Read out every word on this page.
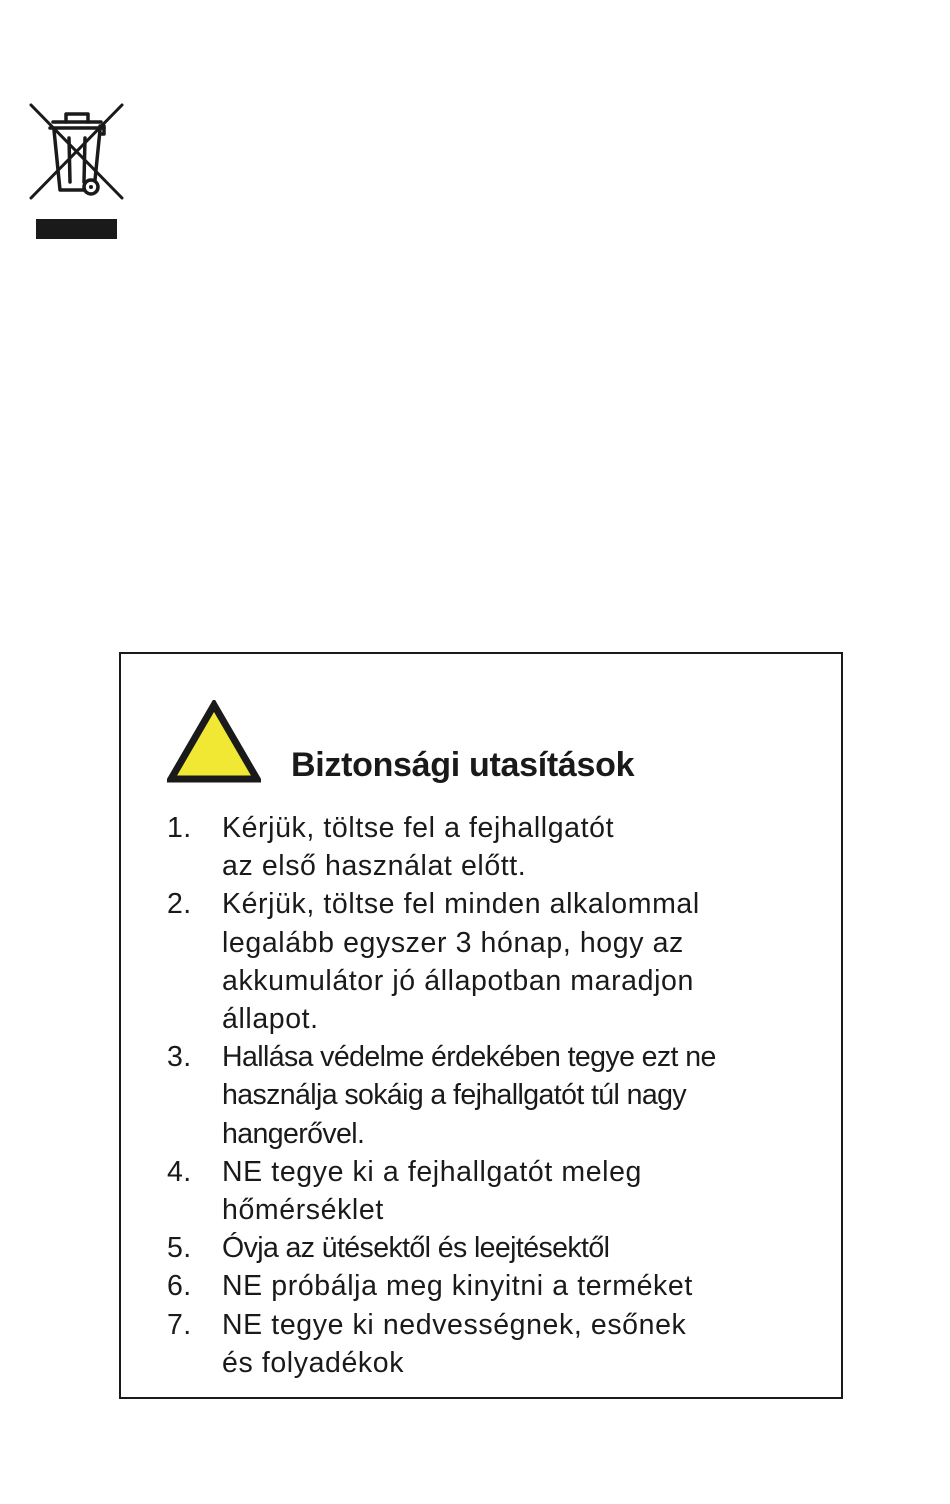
Biztonsági utasítások
1. Kérjük, töltse fel a fejhallgatót
az első használat előtt.
2. Kérjük, töltse fel minden alkalommal
legalább egyszer 3 hónap, hogy az
akkumulátor jó állapotban maradjon
állapot.
3. Hallása védelme érdekében tegye ezt ne
használja sokáig a fejhallgatót túl nagy
hangerővel.
4. NE tegye ki a fejhallgatót meleg
hőmérséklet
5. Óvja az ütésektől és leejtésektől
6. NE próbálja meg kinyitni a terméket
7. NE tegye ki nedvességnek, esőnek
és folyadékok
